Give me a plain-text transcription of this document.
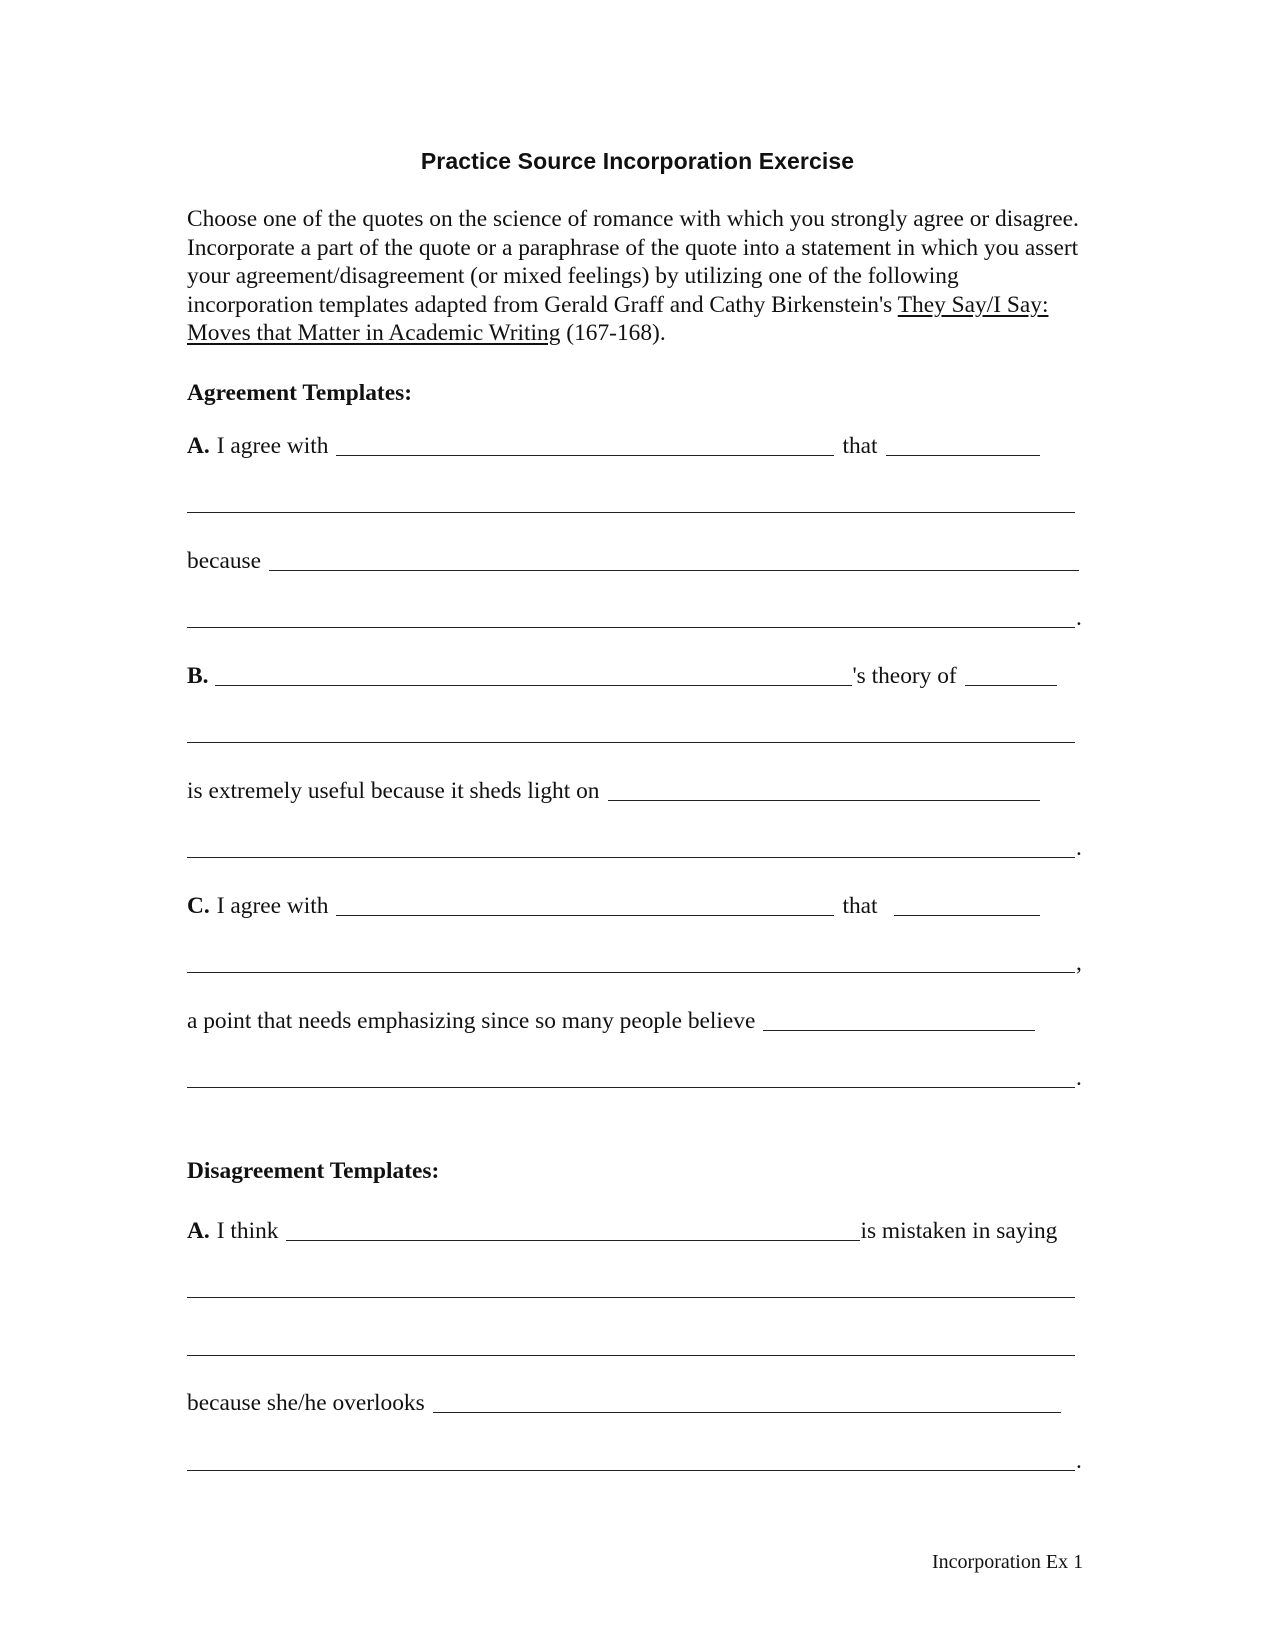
Practice Source Incorporation Exercise
Choose one of the quotes on the science of romance with which you strongly agree or disagree. Incorporate a part of the quote or a paraphrase of the quote into a statement in which you assert your agreement/disagreement (or mixed feelings) by utilizing one of the following incorporation templates adapted from Gerald Graff and Cathy Birkenstein's They Say/I Say: Moves that Matter in Academic Writing (167-168).
Agreement Templates:
A. I agree with	that
because
.
B.	's theory of
is extremely useful because it sheds light on
.
C. I agree with	that
,
a point that needs emphasizing since so many people believe
.
Disagreement Templates:
A. I think	is mistaken in saying
because she/he overlooks
.
Incorporation Ex 1
